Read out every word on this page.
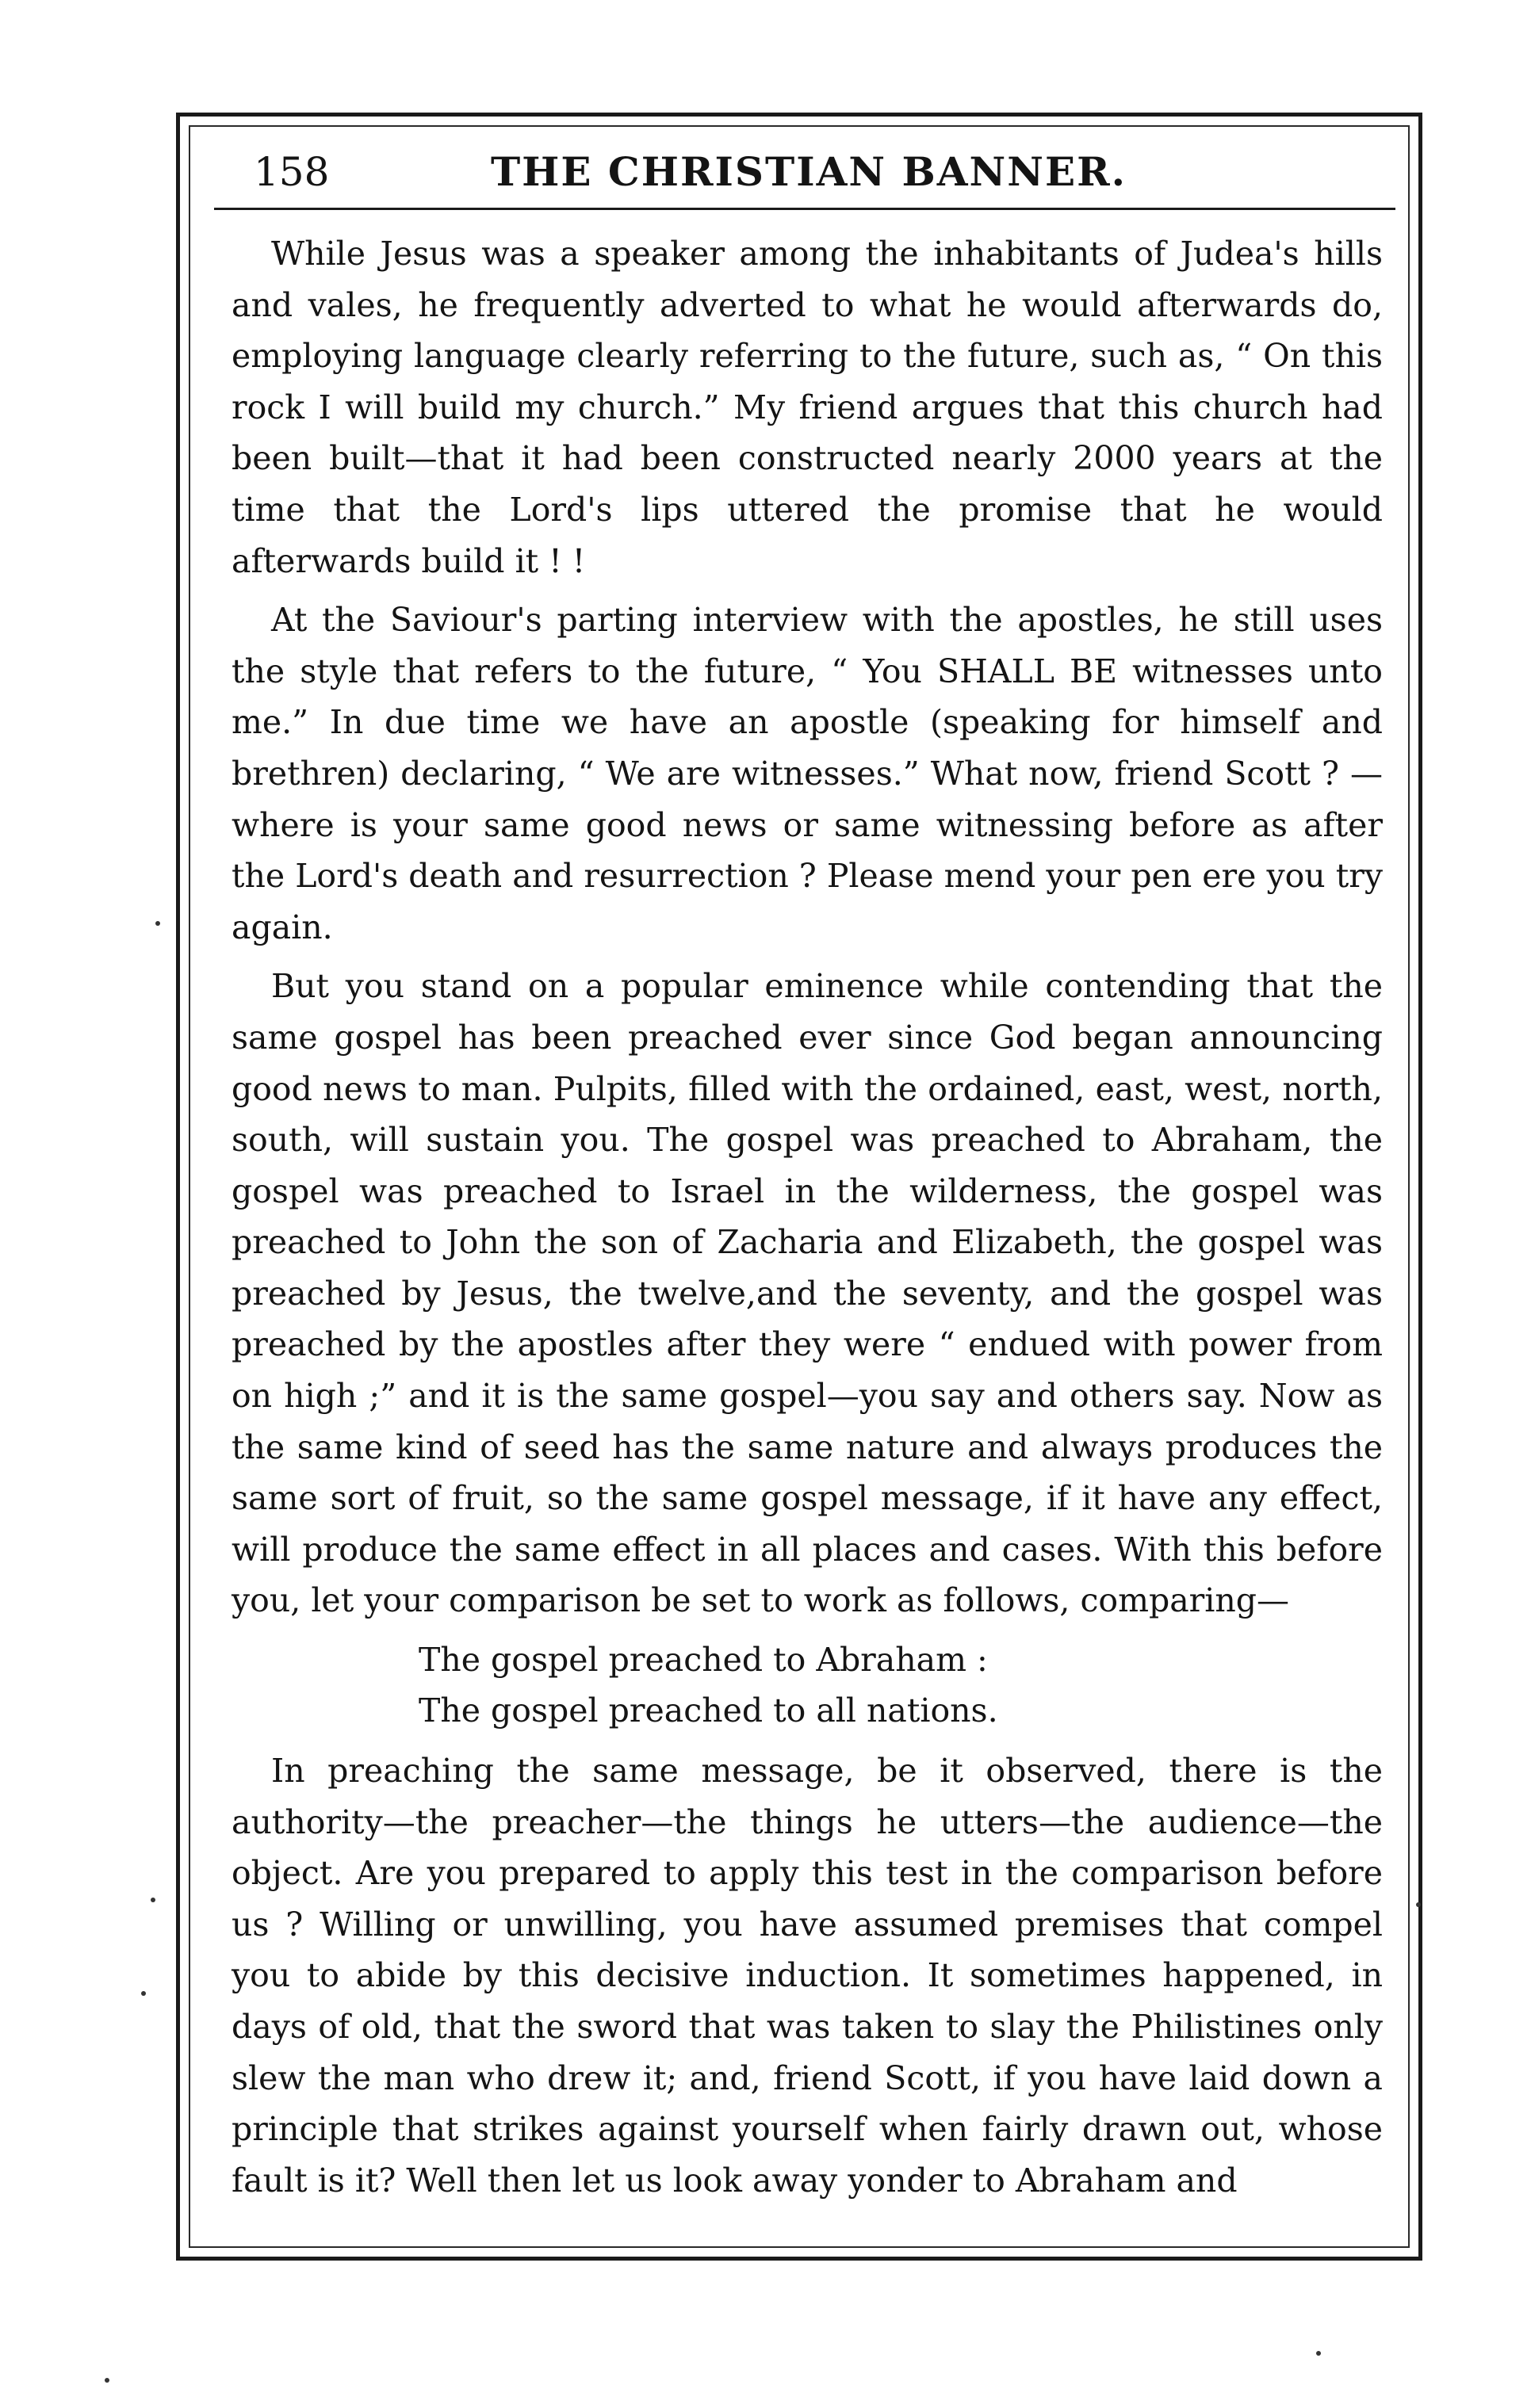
158	THE CHRISTIAN BANNER.

While Jesus was a speaker among the inhabitants of Judea's hills and vales, he frequently adverted to what he would afterwards do, employing language clearly referring to the future, such as, “ On this rock I will build my church.” My friend argues that this church had been built—that it had been constructed nearly 2000 years at the time that the Lord's lips uttered the promise that he would afterwards build it ! !

At the Saviour's parting interview with the apostles, he still uses the style that refers to the future, “ You SHALL BE witnesses unto me.” In due time we have an apostle (speaking for himself and brethren) declaring, “ We are witnesses.” What now, friend Scott ? —where is your same good news or same witnessing before as after the Lord's death and resurrection ? Please mend your pen ere you try again.

But you stand on a popular eminence while contending that the same gospel has been preached ever since God began announcing good news to man. Pulpits, filled with the ordained, east, west, north, south, will sustain you. The gospel was preached to Abraham, the gospel was preached to Israel in the wilderness, the gospel was preached to John the son of Zacharia and Elizabeth, the gospel was preached by Jesus, the twelve,and the seventy, and the gospel was preached by the apostles after they were “ endued with power from on high ;” and it is the same gospel—you say and others say. Now as the same kind of seed has the same nature and always produces the same sort of fruit, so the same gospel message, if it have any effect, will produce the same effect in all places and cases. With this before you, let your comparison be set to work as follows, comparing—

The gospel preached to Abraham :
The gospel preached to all nations.

In preaching the same message, be it observed, there is the authority—the preacher—the things he utters—the audience—the object. Are you prepared to apply this test in the comparison before us ? Willing or unwilling, you have assumed premises that compel you to abide by this decisive induction. It sometimes happened, in days of old, that the sword that was taken to slay the Philistines only slew the man who drew it; and, friend Scott, if you have laid down a principle that strikes against yourself when fairly drawn out, whose fault is it? Well then let us look away yonder to Abraham and
